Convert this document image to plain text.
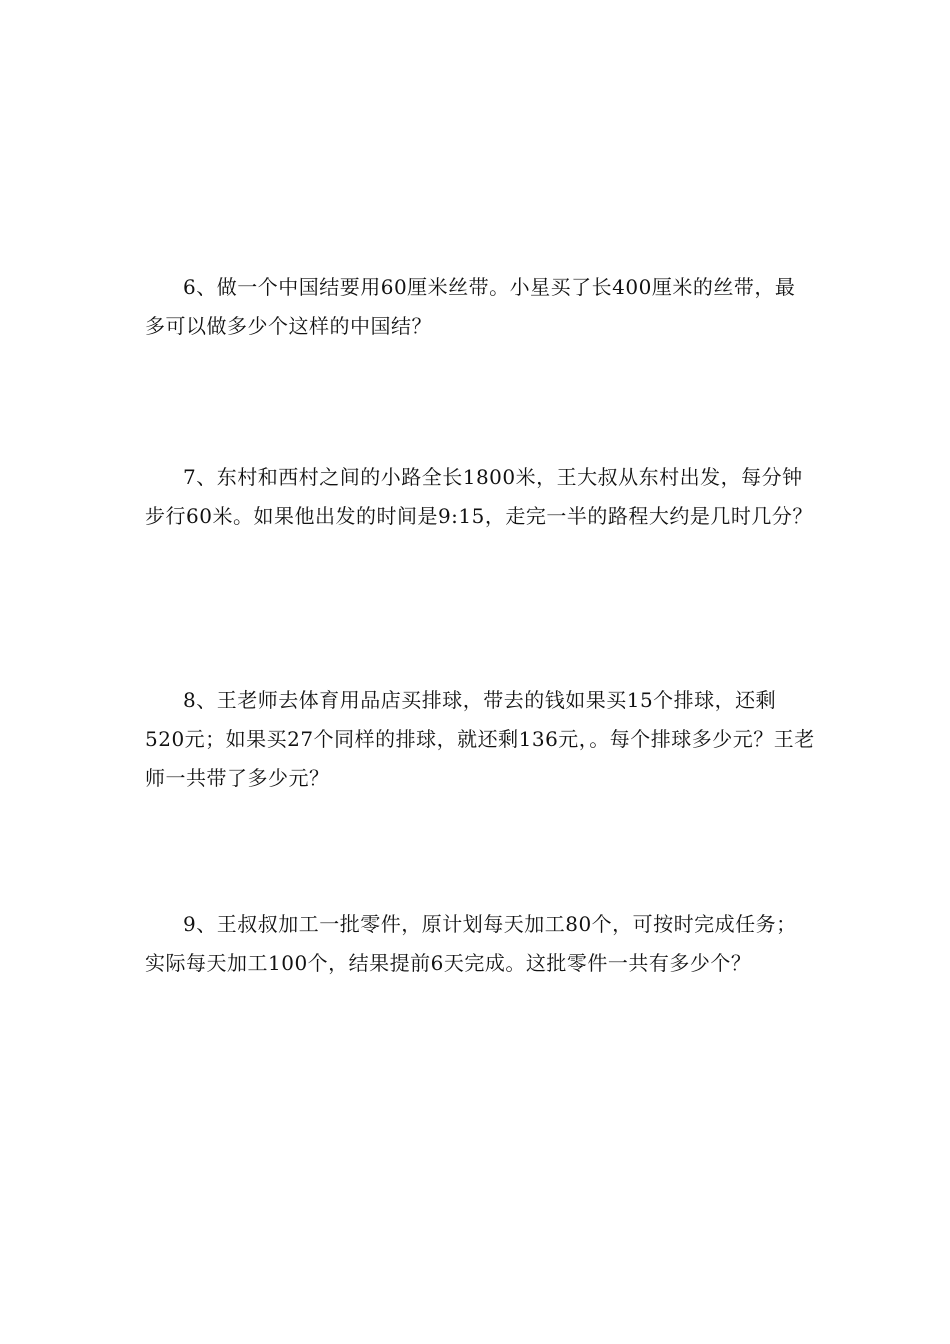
6、做一个中国结要用60厘米丝带。小星买了长400厘米的丝带，最多可以做多少个这样的中国结？

7、东村和西村之间的小路全长1800米，王大叔从东村出发，每分钟步行60米。如果他出发的时间是9:15，走完一半的路程大约是几时几分？

8、王老师去体育用品店买排球，带去的钱如果买15个排球，还剩520元；如果买27个同样的排球，就还剩136元，。每个排球多少元？王老师一共带了多少元？

9、王叔叔加工一批零件，原计划每天加工80个，可按时完成任务；实际每天加工100个，结果提前6天完成。这批零件一共有多少个？
